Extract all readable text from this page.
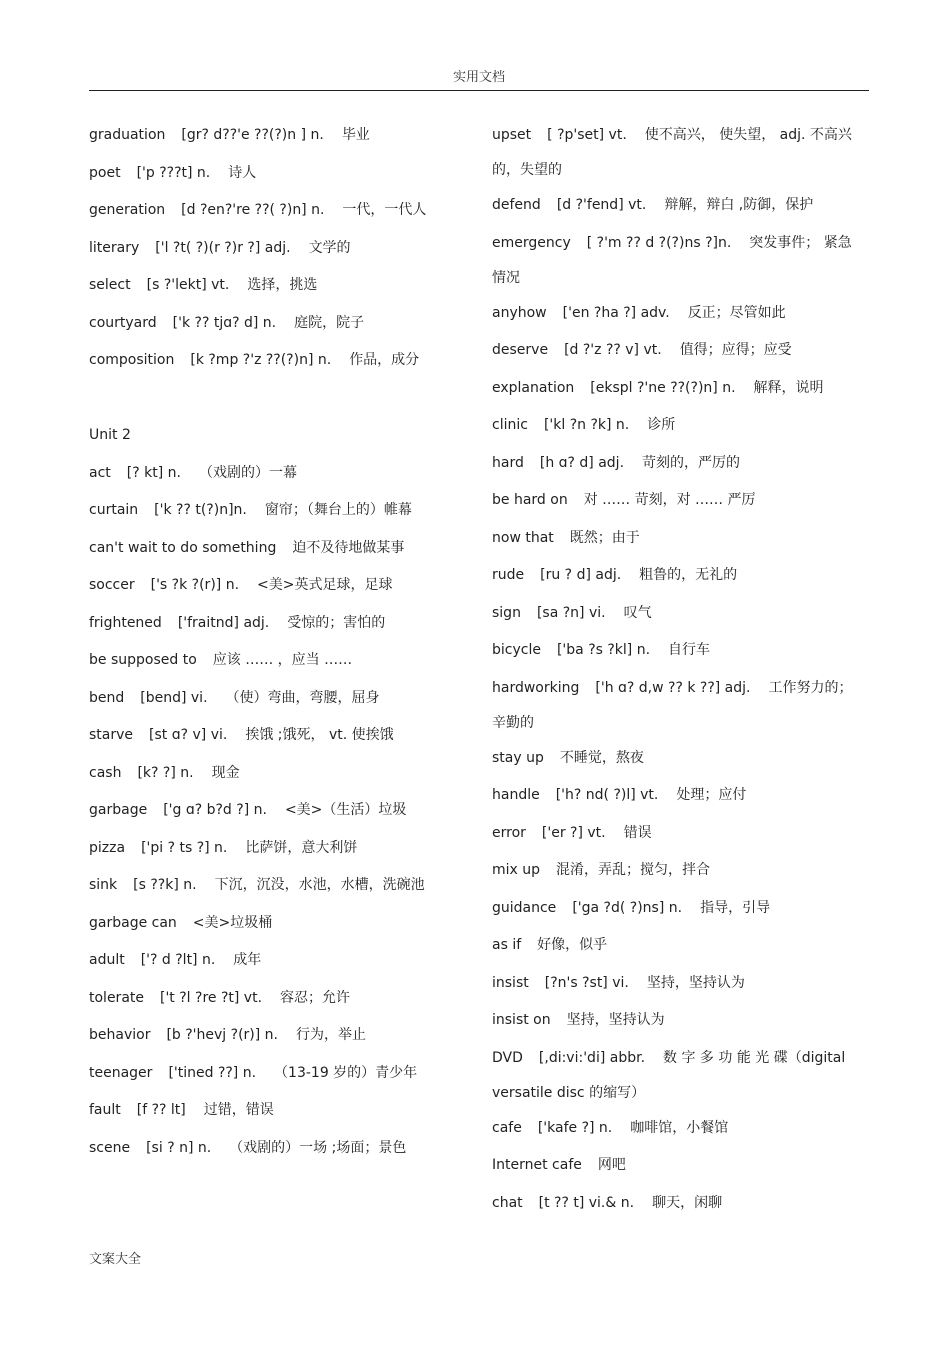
实用文档
graduation [gr? d??'e ??(?)n ] n. 毕业
poet ['p ???t] n. 诗人
generation [d ?en?'re ??( ?)n] n. 一代，一代人
literary ['l ?t( ?)(r ?)r ?] adj. 文学的
select [s ?'lekt] vt. 选择，挑选
courtyard ['k ?? tjɑ? d] n. 庭院，院子
composition [k ?mp ?'z ??(?)n] n. 作品，成分
Unit 2
act [? kt] n. （戏剧的）一幕
curtain ['k ?? t(?)n]n. 窗帘；（舞台上的）帷幕
can't wait to do something 迫不及待地做某事
soccer ['s ?k ?(r)] n. <美>英式足球，足球
frightened ['fraitnd] adj. 受惊的；害怕的
be supposed to 应该 …… ，应当 ……
bend [bend] vi. （使）弯曲，弯腰，屈身
starve [st ɑ? v] vi. 挨饿 ;饿死， vt. 使挨饿
cash [k? ?] n. 现金
garbage ['g ɑ? b?d ?] n. <美>（生活）垃圾
pizza ['pi ? ts ?] n. 比萨饼，意大利饼
sink [s ??k] n. 下沉，沉没，水池，水槽，洗碗池
garbage can <美>垃圾桶
adult ['? d ?lt] n. 成年
tolerate ['t ?l ?re ?t] vt. 容忍；允许
behavior [b ?'hevj ?(r)] n. 行为，举止
teenager ['tined ??] n. （13-19 岁的）青少年
fault [f ?? lt] 过错，错误
scene [si ? n] n. （戏剧的）一场 ;场面；景色
upset [ ?p'set] vt. 使不高兴， 使失望， adj. 不高兴的，失望的
defend [d ?'fend] vt. 辩解，辩白 ,防御，保护
emergency [ ?'m ?? d ?(?)ns ?]n. 突发事件； 紧急情况
anyhow ['en ?ha ?] adv. 反正；尽管如此
deserve [d ?'z ?? v] vt. 值得；应得；应受
explanation [ekspl ?'ne ??(?)n] n. 解释，说明
clinic ['kl ?n ?k] n. 诊所
hard [h ɑ? d] adj. 苛刻的，严厉的
be hard on 对 …… 苛刻，对 …… 严厉
now that 既然；由于
rude [ru ? d] adj. 粗鲁的，无礼的
sign [sa ?n] vi. 叹气
bicycle ['ba ?s ?kl] n. 自行车
hardworking ['h ɑ? d,w ?? k ??] adj. 工作努力的；辛勤的
stay up 不睡觉，熬夜
handle ['h? nd( ?)l] vt. 处理；应付
error ['er ?] vt. 错误
mix up 混淆，弄乱；搅匀，拌合
guidance ['ga ?d( ?)ns] n. 指导，引导
as if 好像，似乎
insist [?n's ?st] vi. 坚持，坚持认为
insist on 坚持，坚持认为
DVD [,di:vi:'di] abbr. 数 字 多 功 能 光 碟（digital versatile disc 的缩写）
cafe ['kafe ?] n. 咖啡馆，小餐馆
Internet cafe 网吧
chat [t ?? t] vi.& n. 聊天，闲聊
文案大全
